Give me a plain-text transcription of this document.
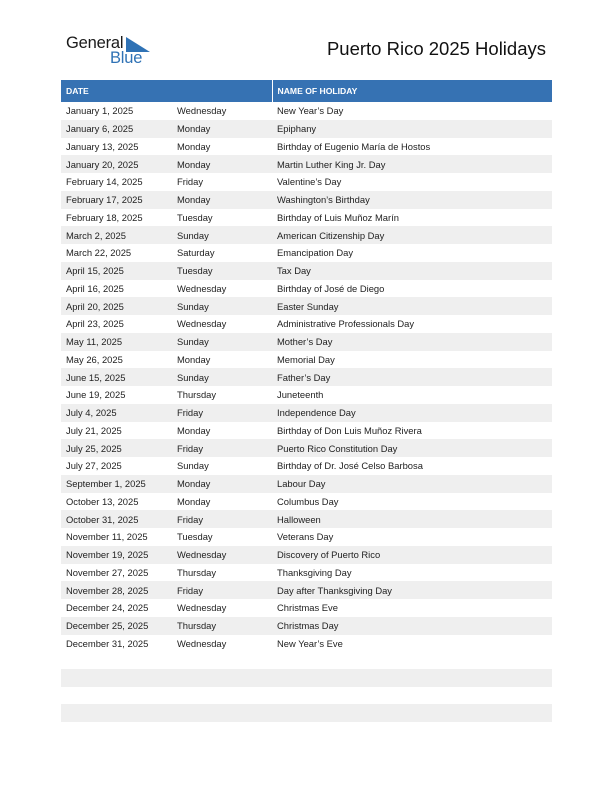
General
Blue	Puerto Rico 2025 Holidays
DATE		NAME OF HOLIDAY
January 1, 2025	Wednesday	New Year’s Day
January 6, 2025	Monday	Epiphany
January 13, 2025	Monday	Birthday of Eugenio María de Hostos
January 20, 2025	Monday	Martin Luther King Jr. Day
February 14, 2025	Friday	Valentine’s Day
February 17, 2025	Monday	Washington’s Birthday
February 18, 2025	Tuesday	Birthday of Luis Muñoz Marín
March 2, 2025	Sunday	American Citizenship Day
March 22, 2025	Saturday	Emancipation Day
April 15, 2025	Tuesday	Tax Day
April 16, 2025	Wednesday	Birthday of José de Diego
April 20, 2025	Sunday	Easter Sunday
April 23, 2025	Wednesday	Administrative Professionals Day
May 11, 2025	Sunday	Mother’s Day
May 26, 2025	Monday	Memorial Day
June 15, 2025	Sunday	Father’s Day
June 19, 2025	Thursday	Juneteenth
July 4, 2025	Friday	Independence Day
July 21, 2025	Monday	Birthday of Don Luis Muñoz Rivera
July 25, 2025	Friday	Puerto Rico Constitution Day
July 27, 2025	Sunday	Birthday of Dr. José Celso Barbosa
September 1, 2025	Monday	Labour Day
October 13, 2025	Monday	Columbus Day
October 31, 2025	Friday	Halloween
November 11, 2025	Tuesday	Veterans Day
November 19, 2025	Wednesday	Discovery of Puerto Rico
November 27, 2025	Thursday	Thanksgiving Day
November 28, 2025	Friday	Day after Thanksgiving Day
December 24, 2025	Wednesday	Christmas Eve
December 25, 2025	Thursday	Christmas Day
December 31, 2025	Wednesday	New Year’s Eve
